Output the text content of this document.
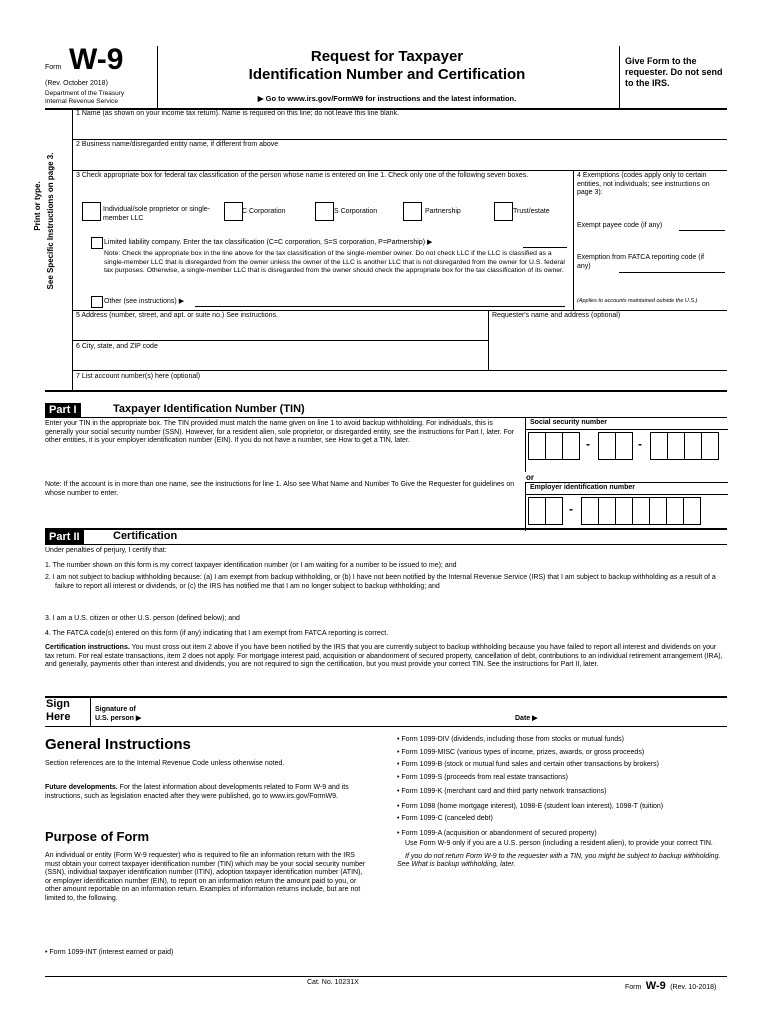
Form W-9
(Rev. October 2018)
Department of the Treasury
Internal Revenue Service
Request for Taxpayer
Identification Number and Certification
▶ Go to www.irs.gov/FormW9 for instructions and the latest information.
Give Form to the requester. Do not send to the IRS.
Print or type. See Specific Instructions on page 3.
1 Name (as shown on your income tax return). Name is required on this line; do not leave this line blank.
2 Business name/disregarded entity name, if different from above
3 Check appropriate box for federal tax classification of the person whose name is entered on line 1. Check only one of the following seven boxes.
Individual/sole proprietor or single-member LLC
C Corporation	S Corporation	Partnership	Trust/estate
Limited liability company. Enter the tax classification (C=C corporation, S=S corporation, P=Partnership) ▶
Note: Check the appropriate box in the line above for the tax classification of the single-member owner. Do not check LLC if the LLC is classified as a single-member LLC that is disregarded from the owner unless the owner of the LLC is another LLC that is not disregarded from the owner for U.S. federal tax purposes. Otherwise, a single-member LLC that is disregarded from the owner should check the appropriate box for the tax classification of its owner.
Other (see instructions) ▶
4 Exemptions (codes apply only to certain entities, not individuals; see instructions on page 3):
Exempt payee code (if any)
Exemption from FATCA reporting code (if any)
(Applies to accounts maintained outside the U.S.)
5 Address (number, street, and apt. or suite no.) See instructions.	Requester's name and address (optional)
6 City, state, and ZIP code
7 List account number(s) here (optional)
Part I	Taxpayer Identification Number (TIN)
Enter your TIN in the appropriate box. The TIN provided must match the name given on line 1 to avoid backup withholding. For individuals, this is generally your social security number (SSN). However, for a resident alien, sole proprietor, or disregarded entity, see the instructions for Part I, later. For other entities, it is your employer identification number (EIN). If you do not have a number, see How to get a TIN, later.
Note: If the account is in more than one name, see the instructions for line 1. Also see What Name and Number To Give the Requester for guidelines on whose number to enter.
Social security number
-	-
or
Employer identification number
-
Part II	Certification
Under penalties of perjury, I certify that:
1. The number shown on this form is my correct taxpayer identification number (or I am waiting for a number to be issued to me); and
2. I am not subject to backup withholding because: (a) I am exempt from backup withholding, or (b) I have not been notified by the Internal Revenue Service (IRS) that I am subject to backup withholding as a result of a failure to report all interest or dividends, or (c) the IRS has notified me that I am no longer subject to backup withholding; and
3. I am a U.S. citizen or other U.S. person (defined below); and
4. The FATCA code(s) entered on this form (if any) indicating that I am exempt from FATCA reporting is correct.
Certification instructions. You must cross out item 2 above if you have been notified by the IRS that you are currently subject to backup withholding because you have failed to report all interest and dividends on your tax return. For real estate transactions, item 2 does not apply. For mortgage interest paid, acquisition or abandonment of secured property, cancellation of debt, contributions to an individual retirement arrangement (IRA), and generally, payments other than interest and dividends, you are not required to sign the certification, but you must provide your correct TIN. See the instructions for Part II, later.
Sign
Here
Signature of
U.S. person ▶	Date ▶
General Instructions
Section references are to the Internal Revenue Code unless otherwise noted.
Future developments. For the latest information about developments related to Form W-9 and its instructions, such as legislation enacted after they were published, go to www.irs.gov/FormW9.
Purpose of Form
An individual or entity (Form W-9 requester) who is required to file an information return with the IRS must obtain your correct taxpayer identification number (TIN) which may be your social security number (SSN), individual taxpayer identification number (ITIN), adoption taxpayer identification number (ATIN), or employer identification number (EIN), to report on an information return the amount paid to you, or other amount reportable on an information return. Examples of information returns include, but are not limited to, the following.
• Form 1099-INT (interest earned or paid)
• Form 1099-DIV (dividends, including those from stocks or mutual funds)
• Form 1099-MISC (various types of income, prizes, awards, or gross proceeds)
• Form 1099-B (stock or mutual fund sales and certain other transactions by brokers)
• Form 1099-S (proceeds from real estate transactions)
• Form 1099-K (merchant card and third party network transactions)
• Form 1098 (home mortgage interest), 1098-E (student loan interest), 1098-T (tuition)
• Form 1099-C (canceled debt)
• Form 1099-A (acquisition or abandonment of secured property)
Use Form W-9 only if you are a U.S. person (including a resident alien), to provide your correct TIN.
If you do not return Form W-9 to the requester with a TIN, you might be subject to backup withholding. See What is backup withholding, later.
Cat. No. 10231X
Form W-9 (Rev. 10-2018)
